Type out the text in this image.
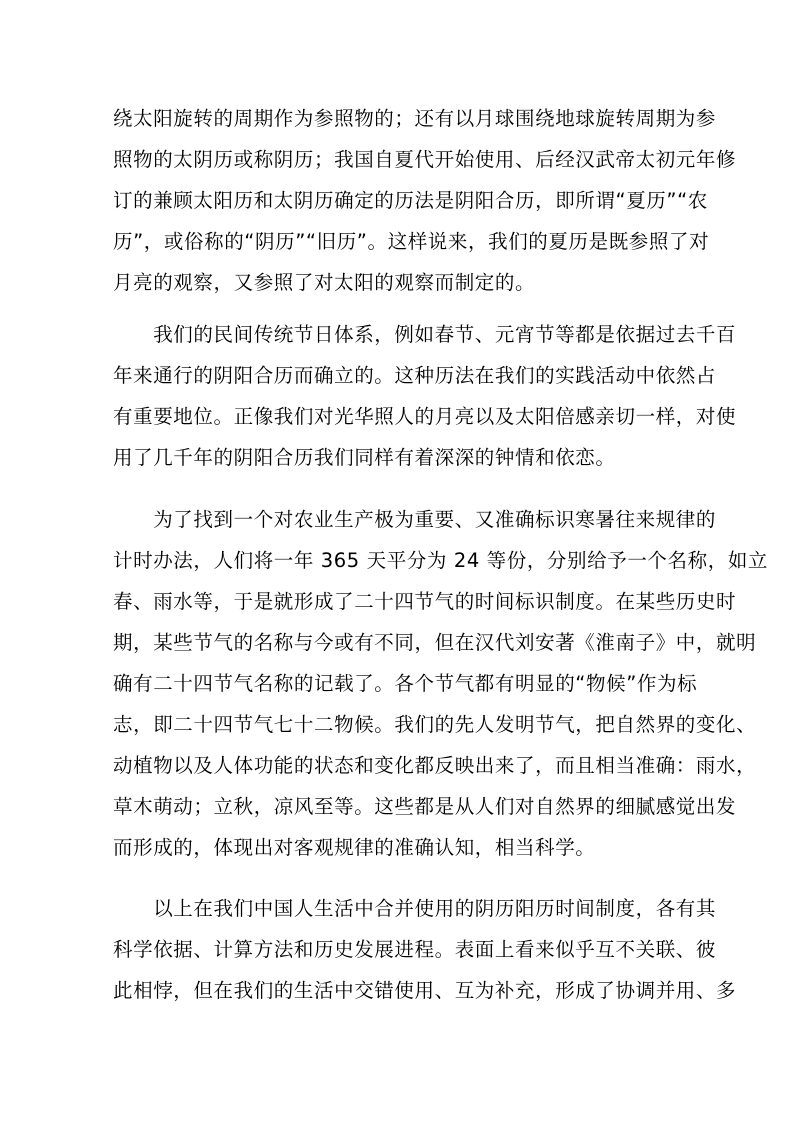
绕太阳旋转的周期作为参照物的；还有以月球围绕地球旋转周期为参
照物的太阴历或称阴历；我国自夏代开始使用、后经汉武帝太初元年修
订的兼顾太阳历和太阴历确定的历法是阴阳合历，即所谓“夏历”“农
历”，或俗称的“阴历”“旧历”。这样说来，我们的夏历是既参照了对
月亮的观察，又参照了对太阳的观察而制定的。
　　我们的民间传统节日体系，例如春节、元宵节等都是依据过去千百
年来通行的阴阳合历而确立的。这种历法在我们的实践活动中依然占
有重要地位。正像我们对光华照人的月亮以及太阳倍感亲切一样，对使
用了几千年的阴阳合历我们同样有着深深的钟情和依恋。
　　为了找到一个对农业生产极为重要、又准确标识寒暑往来规律的
计时办法，人们将一年 365 天平分为 24 等份，分别给予一个名称，如立
春、雨水等，于是就形成了二十四节气的时间标识制度。在某些历史时
期，某些节气的名称与今或有不同，但在汉代刘安著《淮南子》中，就明
确有二十四节气名称的记载了。各个节气都有明显的“物候”作为标
志，即二十四节气七十二物候。我们的先人发明节气，把自然界的变化、
动植物以及人体功能的状态和变化都反映出来了，而且相当准确：雨水，
草木萌动；立秋，凉风至等。这些都是从人们对自然界的细腻感觉出发
而形成的，体现出对客观规律的准确认知，相当科学。
　　以上在我们中国人生活中合并使用的阴历阳历时间制度，各有其
科学依据、计算方法和历史发展进程。表面上看来似乎互不关联、彼
此相悖，但在我们的生活中交错使用、互为补充，形成了协调并用、多
